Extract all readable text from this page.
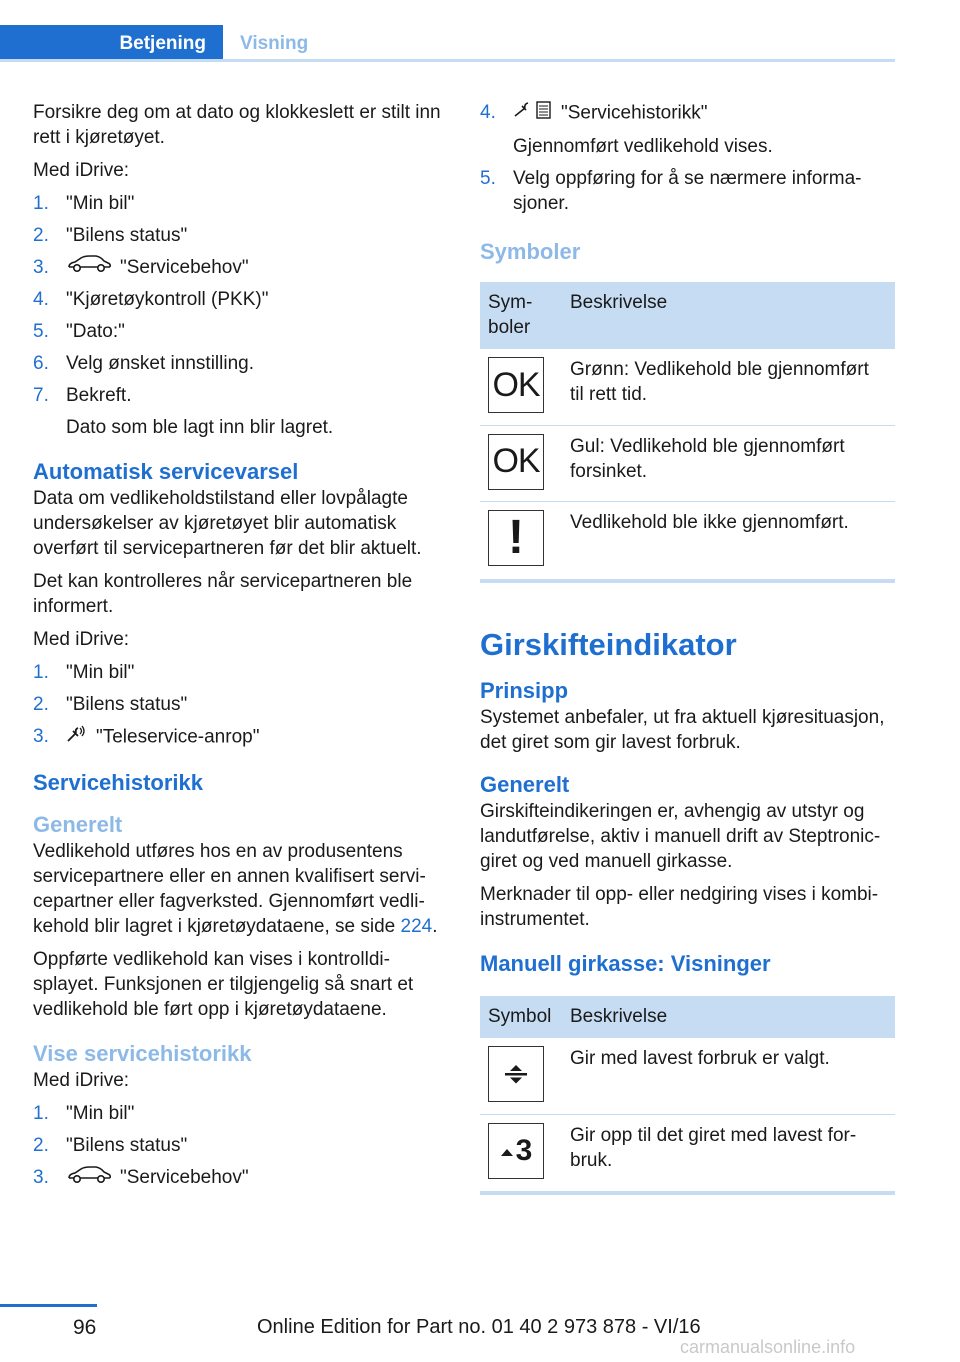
Betjening	Visning

Forsikre deg om at dato og klokkeslett er stilt inn rett i kjøretøyet.

Med iDrive:

1. "Min bil"
2. "Bilens status"
3.	"Servicebehov"
4. "Kjøretøykontroll (PKK)"
5. "Dato:"
6. Velg ønsket innstilling.
7. Bekreft.
Dato som ble lagt inn blir lagret.
Automatisk servicevarsel

Data om vedlikeholdstilstand eller lovpålagte undersøkelser av kjøretøyet blir automatisk overført til servicepartneren før det blir aktuelt.

Det kan kontrolleres når servicepartneren ble informert.

Med iDrive:

1. "Min bil"
2. "Bilens status"
3. "Teleservice-anrop"
Servicehistorikk
Generelt

Vedlikehold utføres hos en av produsentens servicepartnere eller en annen kvalifisert servicepartner eller fagverksted. Gjennomført vedlikehold blir lagret i kjøretøydataene, se side 224.

Oppførte vedlikehold kan vises i kontrolldisplayet. Funksjonen er tilgjengelig så snart et vedlikehold ble ført opp i kjøretøydataene.

Vise servicehistorikk

Med iDrive:

1. "Min bil"
2. "Bilens status"
3.	"Servicebehov"
4.	"Servicehistorikk"
Gjennomført vedlikehold vises.
5. Velg oppføring for å se nærmere informasjoner.
Symboler
Symboler	Beskrivelse

OK	Grønn: Vedlikehold ble gjennomført til rett tid.

OK	Gul: Vedlikehold ble gjennomført forsinket.

!	Vedlikehold ble ikke gjennomført.
Girskifteindikator
Prinsipp

Systemet anbefaler, ut fra aktuell kjøresituasjon, det giret som gir lavest forbruk.

Generelt

Girskifteindikeringen er, avhengig av utstyr og landutførelse, aktiv i manuell drift av Steptronic-giret og ved manuell girkasse.

Merknader til opp- eller nedgiring vises i kombi-instrumentet.

Manuell girkasse: Visninger
Symbol	Beskrivelse

	Gir med lavest forbruk er valgt.

3	Gir opp til det giret med lavest forbruk.
96	Online Edition for Part no. 01 40 2 973 878 - VI/16
carmanualsonline.info
